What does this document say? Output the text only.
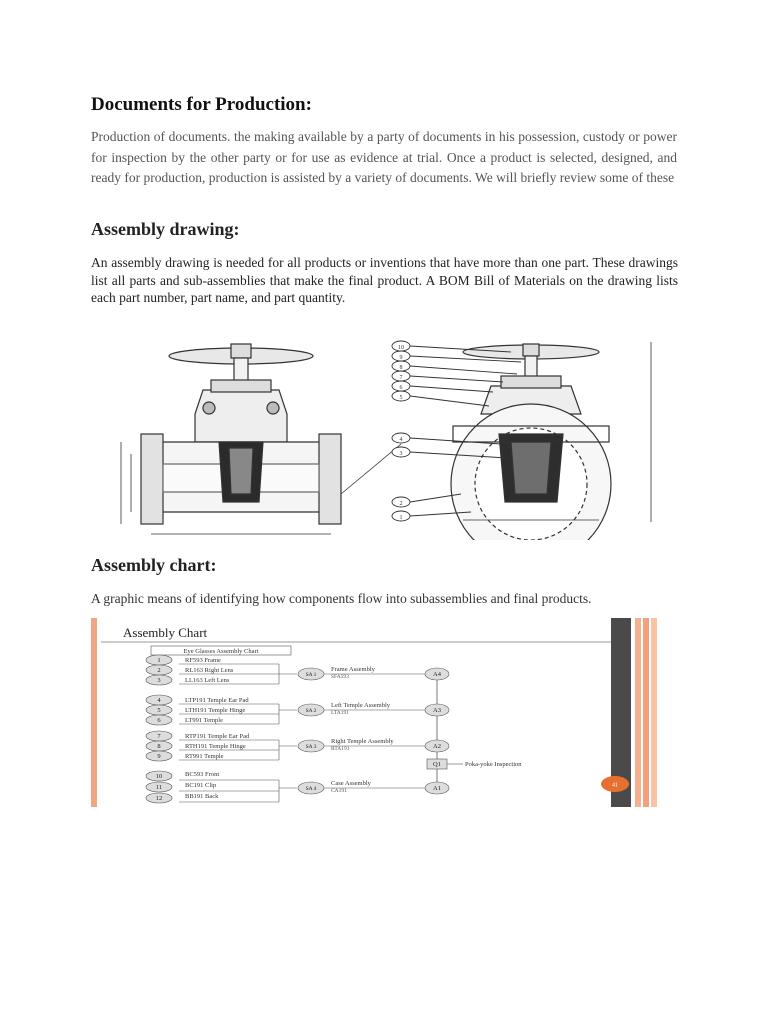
Documents for Production:

Production of documents. the making available by a party of documents in his possession, custody or power for inspection by the other party or for use as evidence at trial. Once a product is selected, designed, and ready for production, production is assisted by a variety of documents. We will briefly review some of these

Assembly drawing:

An assembly drawing is needed for all products or inventions that have more than one part. These drawings list all parts and sub-assemblies that make the final product. A BOM Bill of Materials on the drawing lists each part number, part name, and part quantity.

10
9
8
7
6
5
4
3
2
1
Assembly chart:

A graphic means of identifying how components flow into subassemblies and final products.

Assembly Chart
Eye Glasses Assembly Chart
1	RF593 Frame
2	RL163 Right Lens
3	LL163 Left Lens
SA 1
Frame Assembly
SFA593	A4
4	LTP191 Temple Ear Pad
5	LTH191 Temple Hinge
6	LT991 Temple
SA 2
Left Temple Assembly
LTA191	A3
7	RTP191 Temple Ear Pad
8	RTH191 Temple Hinge
9	RT991 Temple
SA 3
Right Temple Assembly
RTA191	A2
Q1	Poka-yoke Inspection
10	BC593 Front
11	BC191 Clip
12	BB191 Back
SA 4
Case Assembly
CA191	A1	41
